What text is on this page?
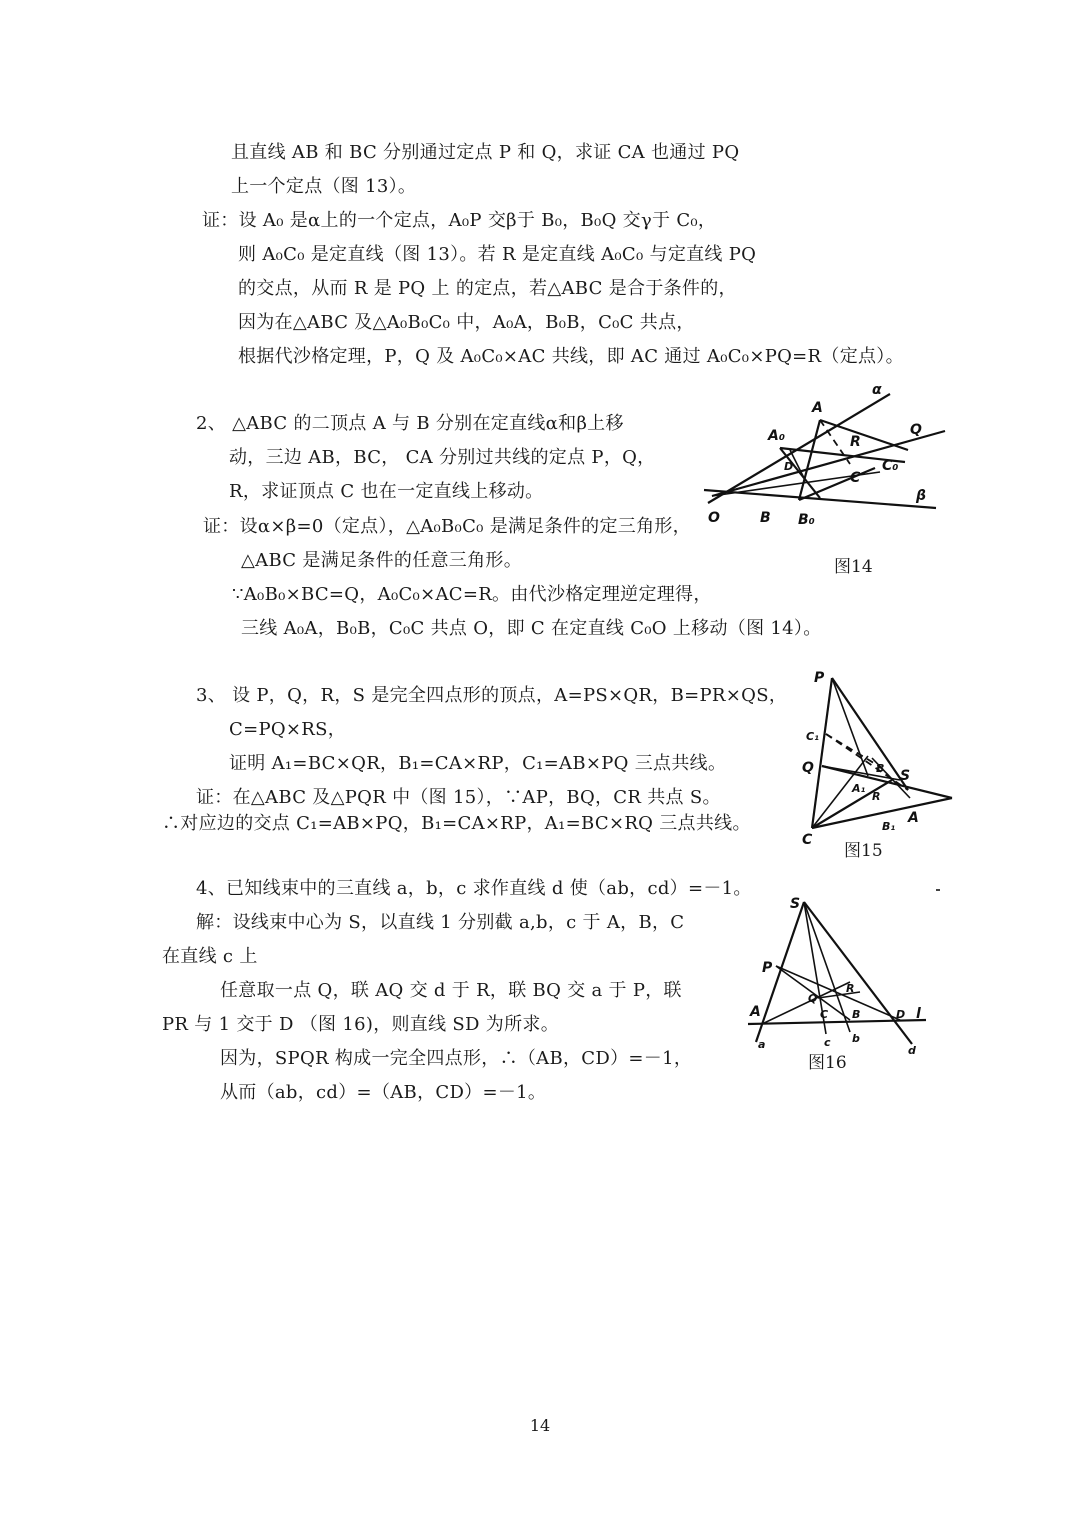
且直线 AB 和 BC 分别通过定点 P 和 Q，求证 CA 也通过 PQ
上一个定点（图 13）。
证：设 A₀ 是α上的一个定点，A₀P 交β于 B₀，B₀Q 交γ于 C₀，
则 A₀C₀ 是定直线（图 13）。若 R 是定直线 A₀C₀ 与定直线 PQ
的交点，从而 R 是 PQ 上 的定点，若△ABC 是合于条件的，
因为在△ABC 及△A₀B₀C₀ 中，A₀A，B₀B，C₀C 共点，
根据代沙格定理，P，Q 及 A₀C₀×AC 共线，即 AC 通过 A₀C₀×PQ=R（定点）。
2、 △ABC 的二顶点 A 与 B 分别在定直线α和β上移
动，三边 AB，BC， CA 分别过共线的定点 P，Q，
R，求证顶点 C 也在一定直线上移动。
证：设α×β=0（定点），△A₀B₀C₀ 是满足条件的定三角形，
△ABC 是满足条件的任意三角形。
∵A₀B₀×BC=Q，A₀C₀×AC=R。由代沙格定理逆定理得，
三线 A₀A，B₀B，C₀C 共点 O，即 C 在定直线 C₀O 上移动（图 14）。
α
A
A₀	R
Q
D
C
C₀
β
O	B B₀
图14
3、 设 P，Q，R，S 是完全四点形的顶点，A=PS×QR，B=PR×QS，
C=PQ×RS，
证明 A₁=BC×QR，B₁=CA×RP，C₁=AB×PQ 三点共线。
证：在△ABC 及△PQR 中（图 15），∵AP，BQ，CR 共点 S。
∴对应边的交点 C₁=AB×PQ，B₁=CA×RP，A₁=BC×RQ 三点共线。
P
C₁
Q	B S
A₁
R
B₁
A
C
图15
4、已知线束中的三直线 a，b，c 求作直线 d 使（ab，cd）=－1。
解：设线束中心为 S，以直线 1 分别截 a,b，c 于 A，B，C
在直线 c 上
任意取一点 Q，联 AQ 交 d 于 R，联 BQ 交 a 于 P，联
PR 与 1 交于 D （图 16)，则直线 SD 为所求。
因为，SPQR 构成一完全四点形，∴（AB，CD）=－1，
从而（ab，cd）=（AB，CD）=－1。
S
P
Q
R
A	C B	D l
a	c b
d
图16
14
